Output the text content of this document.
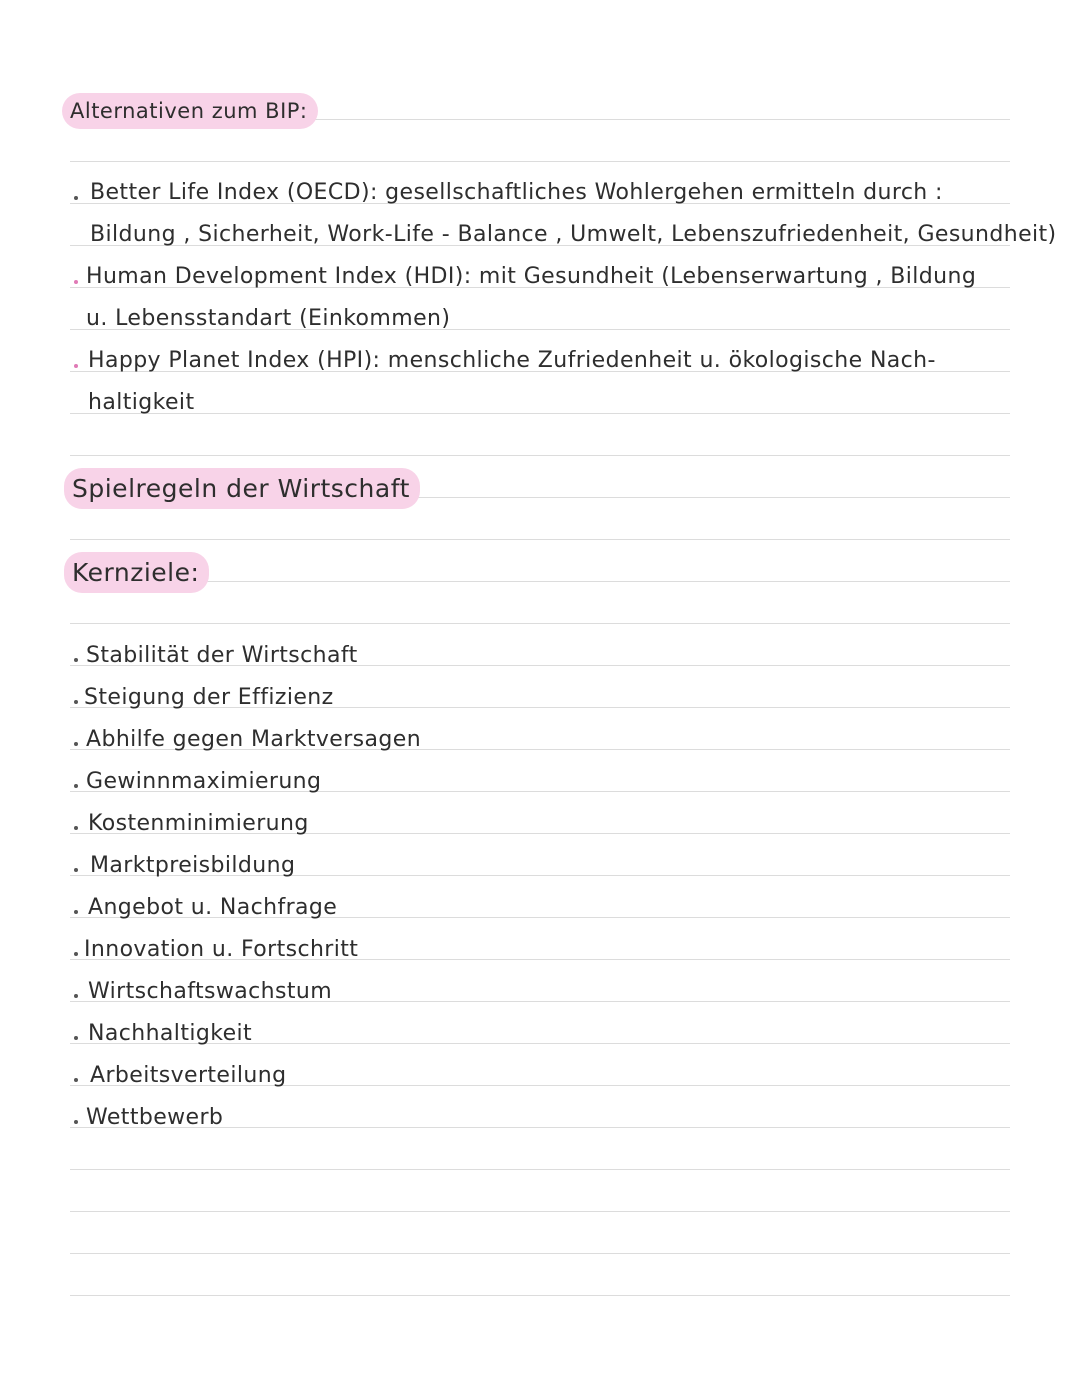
Alternativen zum BIP:
Better Life Index (OECD): gesellschaftliches Wohlergehen ermitteln durch :
Bildung , Sicherheit, Work-Life - Balance , Umwelt, Lebenszufriedenheit, Gesundheit)
Human Development Index (HDI): mit Gesundheit (Lebenserwartung , Bildung
u. Lebensstandart (Einkommen)
Happy Planet Index (HPI): menschliche Zufriedenheit u. ökologische Nach-
haltigkeit
Spielregeln der Wirtschaft
Kernziele:
Stabilität der Wirtschaft
Steigung der Effizienz
Abhilfe gegen Marktversagen
Gewinnmaximierung
Kostenminimierung
Marktpreisbildung
Angebot u. Nachfrage
Innovation u. Fortschritt
Wirtschaftswachstum
Nachhaltigkeit
Arbeitsverteilung
Wettbewerb
